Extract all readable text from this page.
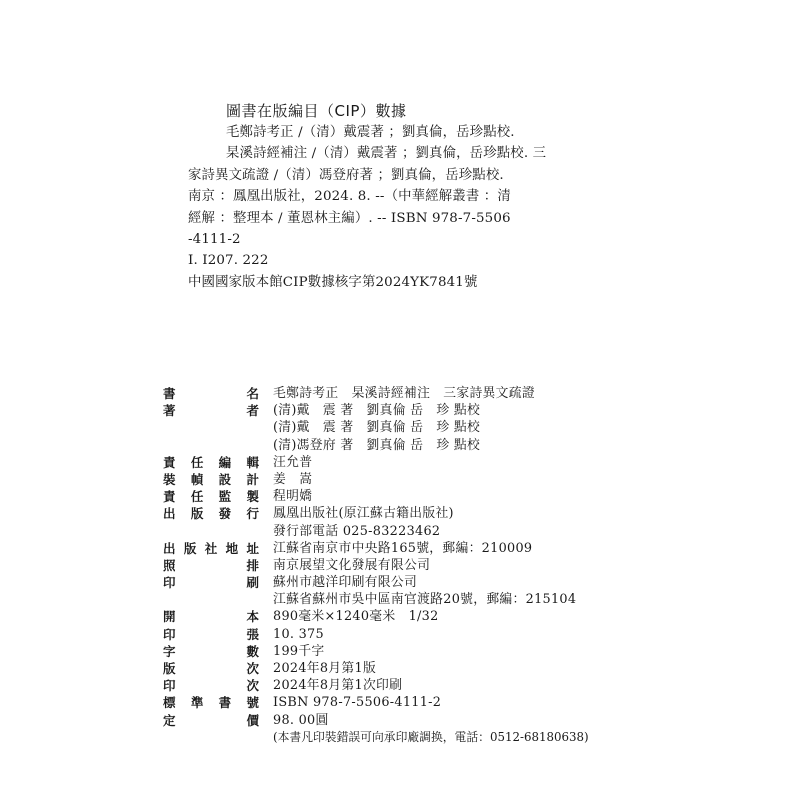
圖書在版編目（CIP）數據
毛鄭詩考正 /（清）戴震著 ；劉真倫，岳珍點校.
杲溪詩經補注 /（清）戴震著 ；劉真倫，岳珍點校. 三
家詩異文疏證 /（清）馮登府著 ；劉真倫，岳珍點校.
南京 ：鳳凰出版社，2024. 8. --（中華經解叢書 ：清
經解 ：整理本 / 董恩林主編）. -- ISBN 978-7-5506
-4111-2
Ⅰ. I207. 222
中國國家版本館CIP數據核字第2024YK7841號
書	名 毛鄭詩考正　杲溪詩經補注　三家詩異文疏證
著	者 (清)戴　震 著　劉真倫 岳　珍 點校
(清)戴　震 著　劉真倫 岳　珍 點校
(清)馮登府 著　劉真倫 岳　珍 點校
責 任 編 輯 汪允普
裝 幀 設 計 姜　嵩
責 任 監 製 程明嬌
出 版 發 行 鳳凰出版社(原江蘇古籍出版社)
發行部電話 025-83223462
出 版 社 地 址 江蘇省南京市中央路165號，郵編：210009
照	排 南京展望文化發展有限公司
印	刷 蘇州市越洋印刷有限公司
江蘇省蘇州市吳中區南官渡路20號，郵編：215104
開	本 890毫米×1240毫米　1/32
印	張 10. 375
字	數 199千字
版	次 2024年8月第1版
印	次 2024年8月第1次印刷
標 準 書 號 ISBN 978-7-5506-4111-2
定	價 98. 00圓
(本書凡印裝錯誤可向承印廠調换，電話：0512-68180638)
